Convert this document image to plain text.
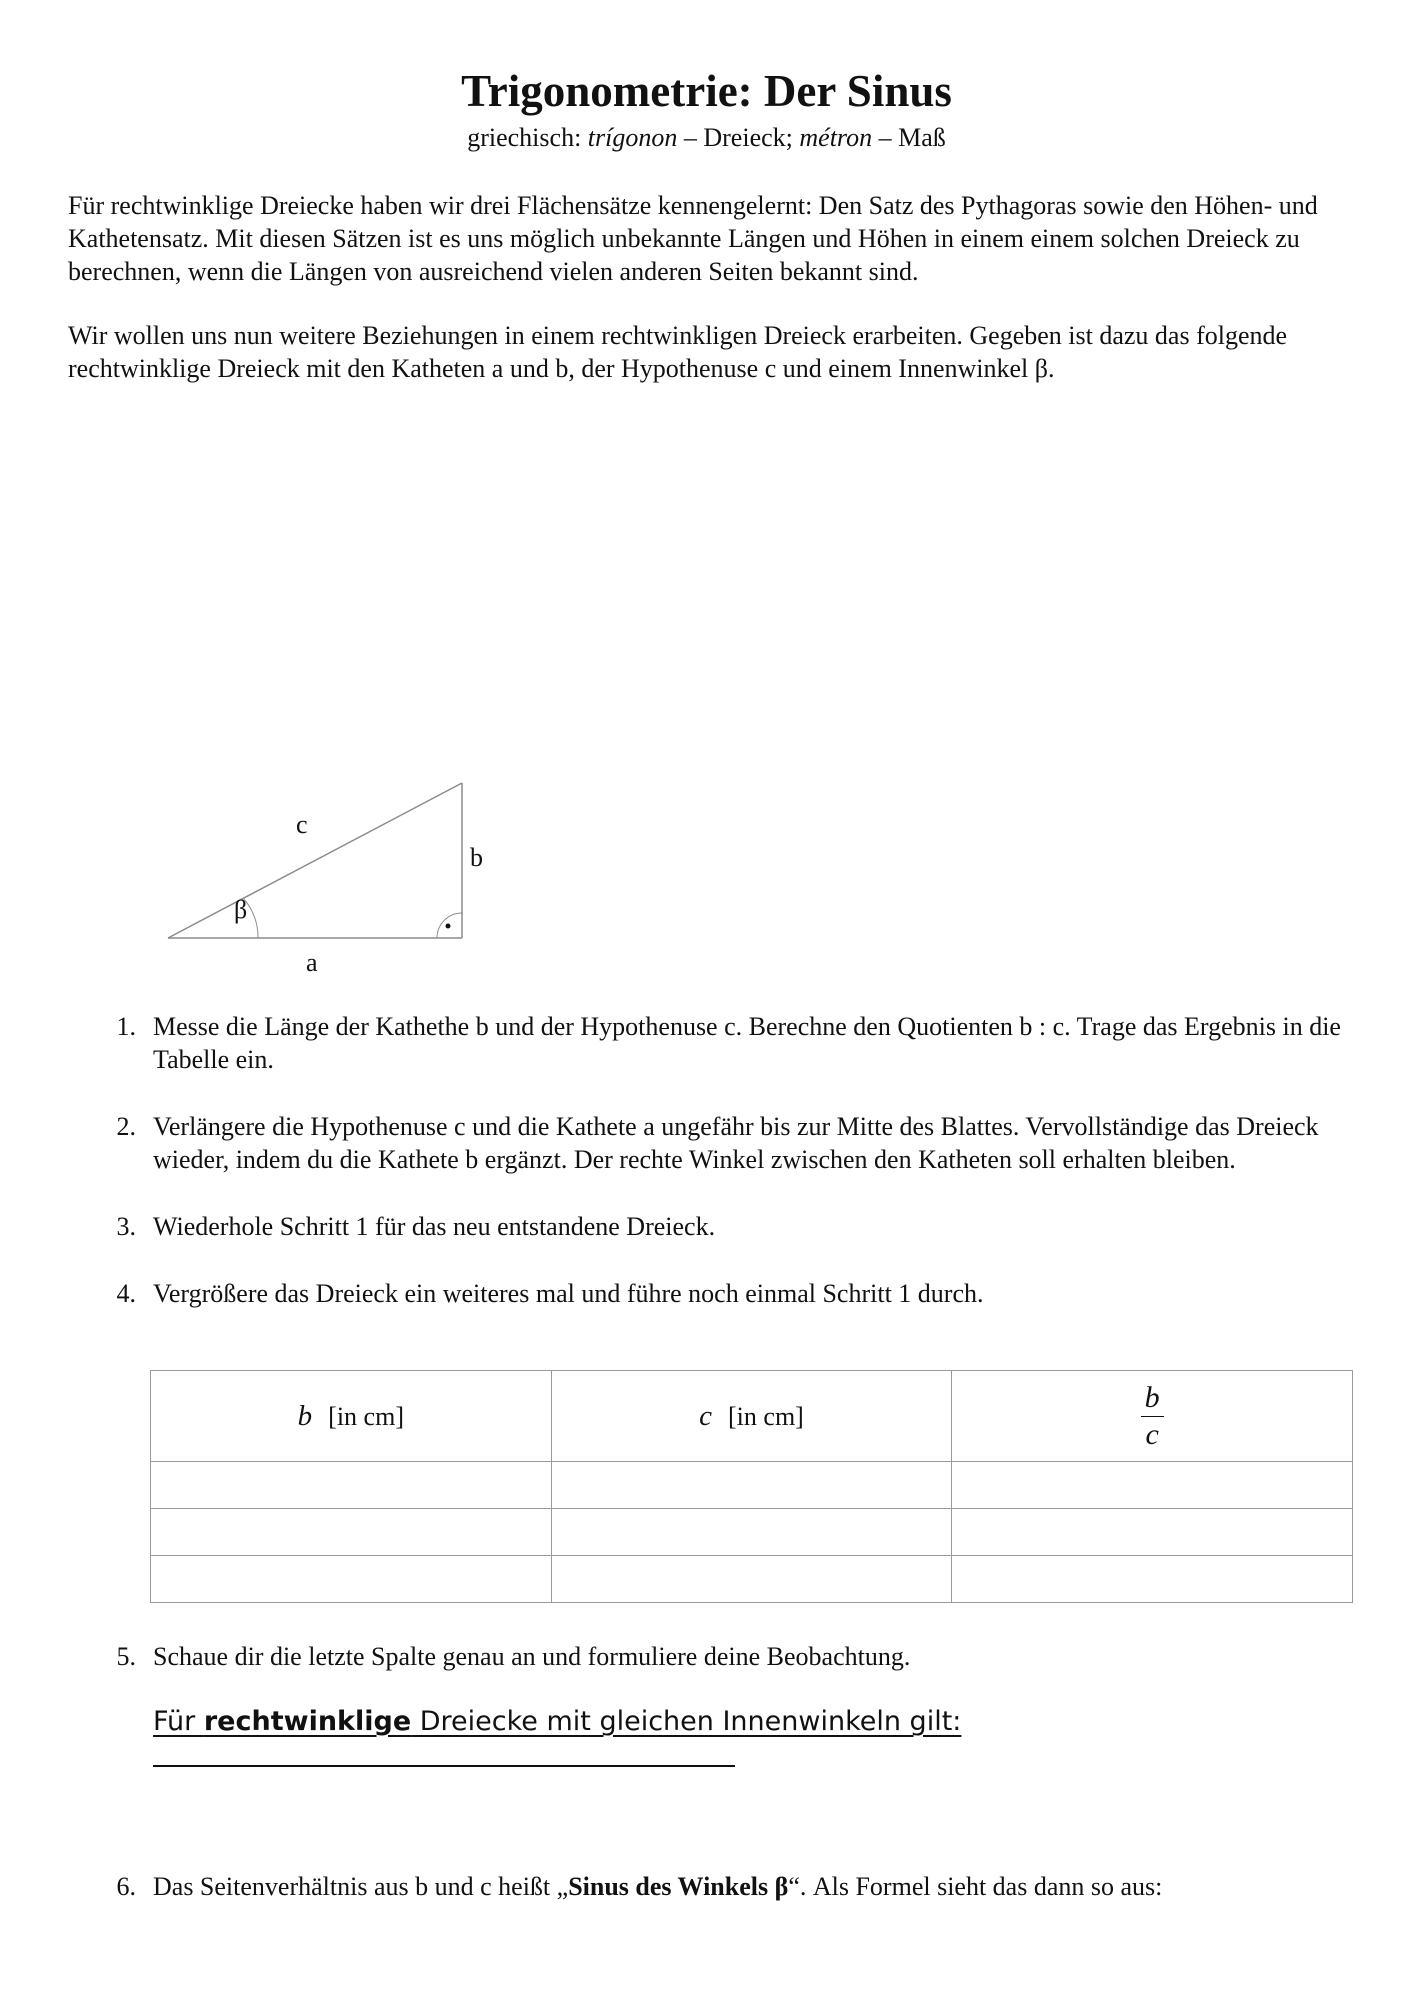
Trigonometrie: Der Sinus
griechisch: trígonon – Dreieck; métron – Maß

Für rechtwinklige Dreiecke haben wir drei Flächensätze kennengelernt: Den Satz des Pythagoras sowie den Höhen- und Kathetensatz. Mit diesen Sätzen ist es uns möglich unbekannte Längen und Höhen in einem einem solchen Dreieck zu berechnen, wenn die Längen von ausreichend vielen anderen Seiten bekannt sind.

Wir wollen uns nun weitere Beziehungen in einem rechtwinkligen Dreieck erarbeiten. Gegeben ist dazu das folgende rechtwinklige Dreieck mit den Katheten a und b, der Hypothenuse c und einem Innenwinkel β.

c
b
a
β
1. Messe die Länge der Kathethe b und der Hypothenuse c. Berechne den Quotienten b : c. Trage das Ergebnis in die Tabelle ein.
2. Verlängere die Hypothenuse c und die Kathete a ungefähr bis zur Mitte des Blattes. Vervollständige das Dreieck wieder, indem du die Kathete b ergänzt. Der rechte Winkel zwischen den Katheten soll erhalten bleiben.
3. Wiederhole Schritt 1 für das neu entstandene Dreieck.
4. Vergrößere das Dreieck ein weiteres mal und führe noch einmal Schritt 1 durch.
b [in cm]	c [in cm]	$\frac{b}{c}$

5. Schaue dir die letzte Spalte genau an und formuliere deine Beobachtung.
Für rechtwinklige Dreiecke mit gleichen Innenwinkeln gilt:
6. Das Seitenverhältnis aus b und c heißt „Sinus des Winkels β“. Als Formel sieht das dann so aus:
